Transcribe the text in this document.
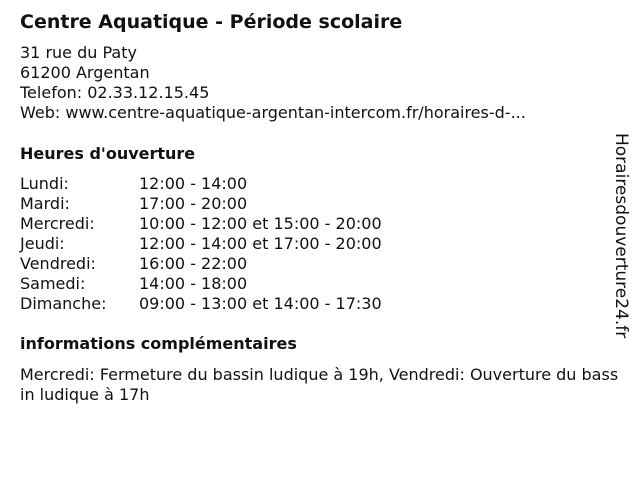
Centre Aquatique - Période scolaire
31 rue du Paty
61200 Argentan
Telefon: 02.33.12.15.45
Web: www.centre-aquatique-argentan-intercom.fr/horaires-d-...
Heures d'ouverture
Lundi:	12:00 - 14:00
Mardi:	17:00 - 20:00
Mercredi:	10:00 - 12:00 et 15:00 - 20:00
Jeudi:	12:00 - 14:00 et 17:00 - 20:00
Vendredi:	16:00 - 22:00
Samedi:	14:00 - 18:00
Dimanche:	09:00 - 13:00 et 14:00 - 17:30
informations complémentaires
Mercredi: Fermeture du bassin ludique à 19h, Vendredi: Ouverture du bassin ludique à 17h
Horairesdouverture24.fr
